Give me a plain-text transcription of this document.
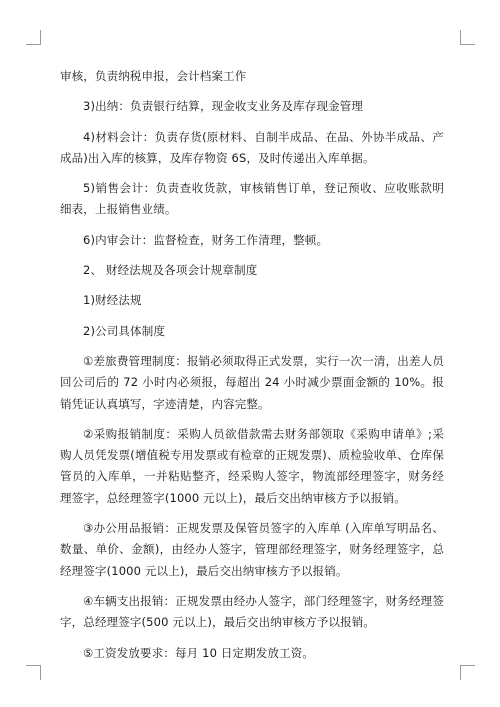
审核，负责纳税申报，会计档案工作

3)出纳：负责银行结算，现金收支业务及库存现金管理

4)材料会计：负责存货(原材料、自制半成品、在品、外协半成品、产成品)出入库的核算，及库存物资 6S，及时传递出入库单据。

5)销售会计：负责查收货款，审核销售订单，登记预收、应收账款明细表，上报销售业绩。

6)内审会计：监督检查，财务工作清理，整顿。

2、 财经法规及各项会计规章制度

1)财经法规

2)公司具体制度

①差旅费管理制度：报销必须取得正式发票，实行一次一清，出差人员回公司后的 72 小时内必须报，每超出 24 小时减少票面金额的 10%。报销凭证认真填写，字迹清楚，内容完整。

②采购报销制度：采购人员欲借款需去财务部领取《采购申请单》;采购人员凭发票(增值税专用发票或有检章的正规发票)、质检验收单、仓库保管员的入库单，一并粘贴整齐，经采购人签字，物流部经理签字，财务经理签字，总经理签字(1000 元以上)，最后交出纳审核方予以报销。

③办公用品报销：正规发票及保管员签字的入库单 (入库单写明品名、数量、单价、金额)，由经办人签字，管理部经理签字，财务经理签字，总经理签字(1000 元以上)，最后交出纳审核方予以报销。

④车辆支出报销：正规发票由经办人签字，部门经理签字，财务经理签字，总经理签字(500 元以上)，最后交出纳审核方予以报销。

⑤工资发放要求：每月 10 日定期发放工资。
